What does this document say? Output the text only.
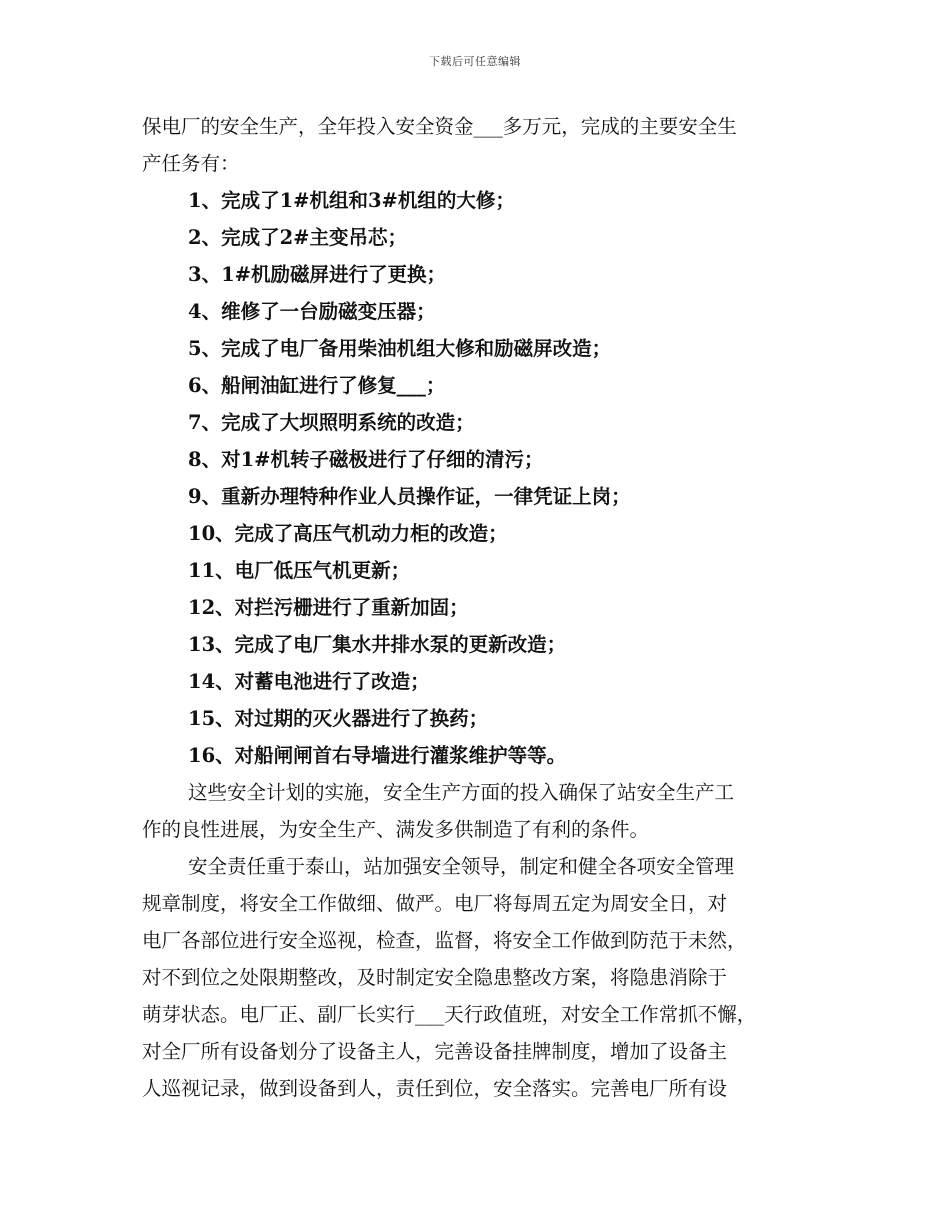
下载后可任意编辑
保电厂的安全生产，全年投入安全资金___多万元，完成的主要安全生
产任务有：
1、完成了1#机组和3#机组的大修；
2、完成了2#主变吊芯；
3、1#机励磁屏进行了更换；
4、维修了一台励磁变压器；
5、完成了电厂备用柴油机组大修和励磁屏改造；
6、船闸油缸进行了修复___；
7、完成了大坝照明系统的改造；
8、对1#机转子磁极进行了仔细的清污；
9、重新办理特种作业人员操作证，一律凭证上岗；
10、完成了高压气机动力柜的改造；
11、电厂低压气机更新；
12、对拦污栅进行了重新加固；
13、完成了电厂集水井排水泵的更新改造；
14、对蓄电池进行了改造；
15、对过期的灭火器进行了换药；
16、对船闸闸首右导墙进行灌浆维护等等。
这些安全计划的实施，安全生产方面的投入确保了站安全生产工
作的良性进展，为安全生产、满发多供制造了有利的条件。
安全责任重于泰山，站加强安全领导，制定和健全各项安全管理
规章制度，将安全工作做细、做严。电厂将每周五定为周安全日，对
电厂各部位进行安全巡视，检查，监督，将安全工作做到防范于未然，
对不到位之处限期整改，及时制定安全隐患整改方案，将隐患消除于
萌芽状态。电厂正、副厂长实行___天行政值班，对安全工作常抓不懈，
对全厂所有设备划分了设备主人，完善设备挂牌制度，增加了设备主
人巡视记录，做到设备到人，责任到位，安全落实。完善电厂所有设
